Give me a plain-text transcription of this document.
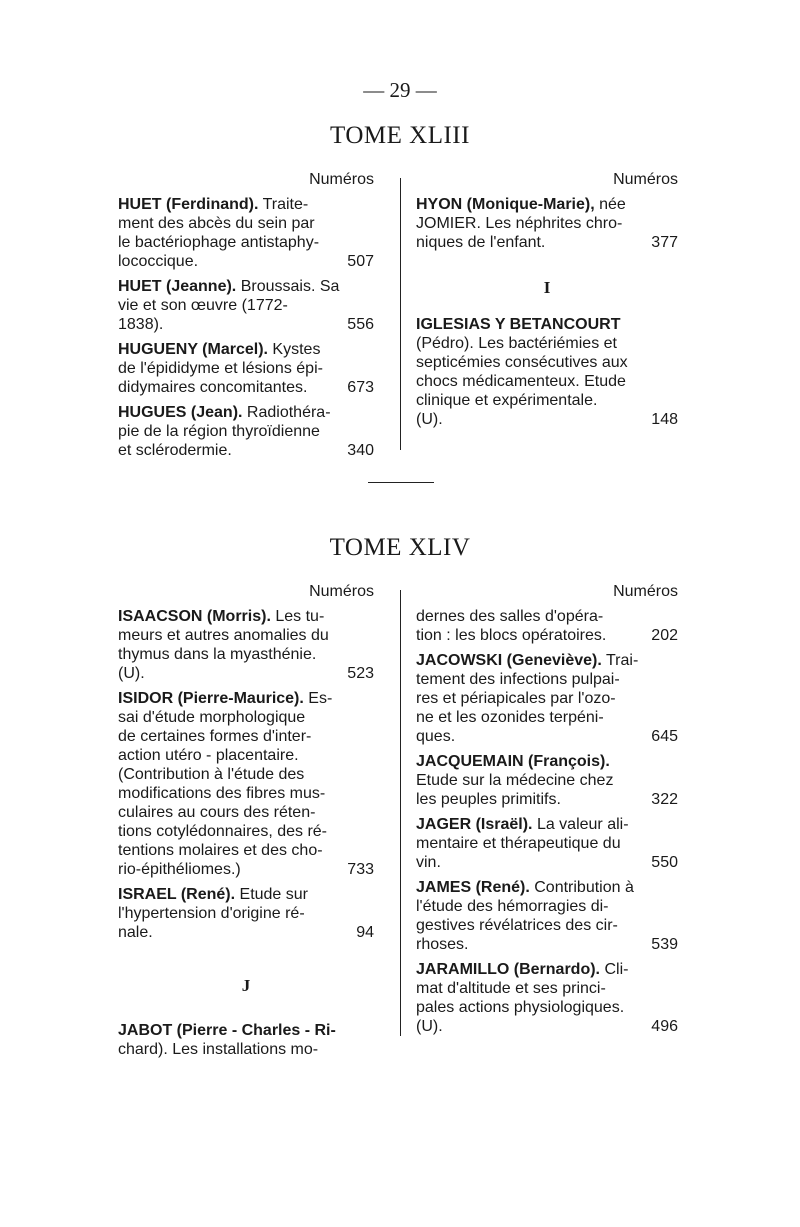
— 29 —
TOME XLIII
Numéros
HUET (Ferdinand). Traite-
ment des abcès du sein par
le bactériophage antistaphy-
lococcique.	507
HUET (Jeanne). Broussais. Sa
vie et son œuvre (1772-
1838).	556
HUGUENY (Marcel). Kystes
de l'épididyme et lésions épi-
didymaires concomitantes.	673
HUGUES (Jean). Radiothéra-
pie de la région thyroïdienne
et sclérodermie.	340
Numéros
HYON (Monique-Marie), née
JOMIER. Les néphrites chro-
niques de l'enfant.	377
I
IGLESIAS Y BETANCOURT
(Pédro). Les bactériémies et
septicémies consécutives aux
chocs médicamenteux. Etude
clinique et expérimentale.
(U).	148
TOME XLIV
Numéros
ISAACSON (Morris). Les tu-
meurs et autres anomalies du
thymus dans la myasthénie.
(U).	523
ISIDOR (Pierre-Maurice). Es-
sai d'étude morphologique
de certaines formes d'inter-
action utéro - placentaire.
(Contribution à l'étude des
modifications des fibres mus-
culaires au cours des réten-
tions cotylédonnaires, des ré-
tentions molaires et des cho-
rio-épithéliomes.)	733
ISRAEL (René). Etude sur
l'hypertension d'origine ré-
nale.	94
J
JABOT (Pierre - Charles - Ri-
chard). Les installations mo-
Numéros
dernes des salles d'opéra-
tion : les blocs opératoires.	202
JACOWSKI (Geneviève). Trai-
tement des infections pulpai-
res et périapicales par l'ozo-
ne et les ozonides terpéni-
ques.	645
JACQUEMAIN (François).
Etude sur la médecine chez
les peuples primitifs.	322
JAGER (Israël). La valeur ali-
mentaire et thérapeutique du
vin.	550
JAMES (René). Contribution à
l'étude des hémorragies di-
gestives révélatrices des cir-
rhoses.	539
JARAMILLO (Bernardo). Cli-
mat d'altitude et ses princi-
pales actions physiologiques.
(U).	496
